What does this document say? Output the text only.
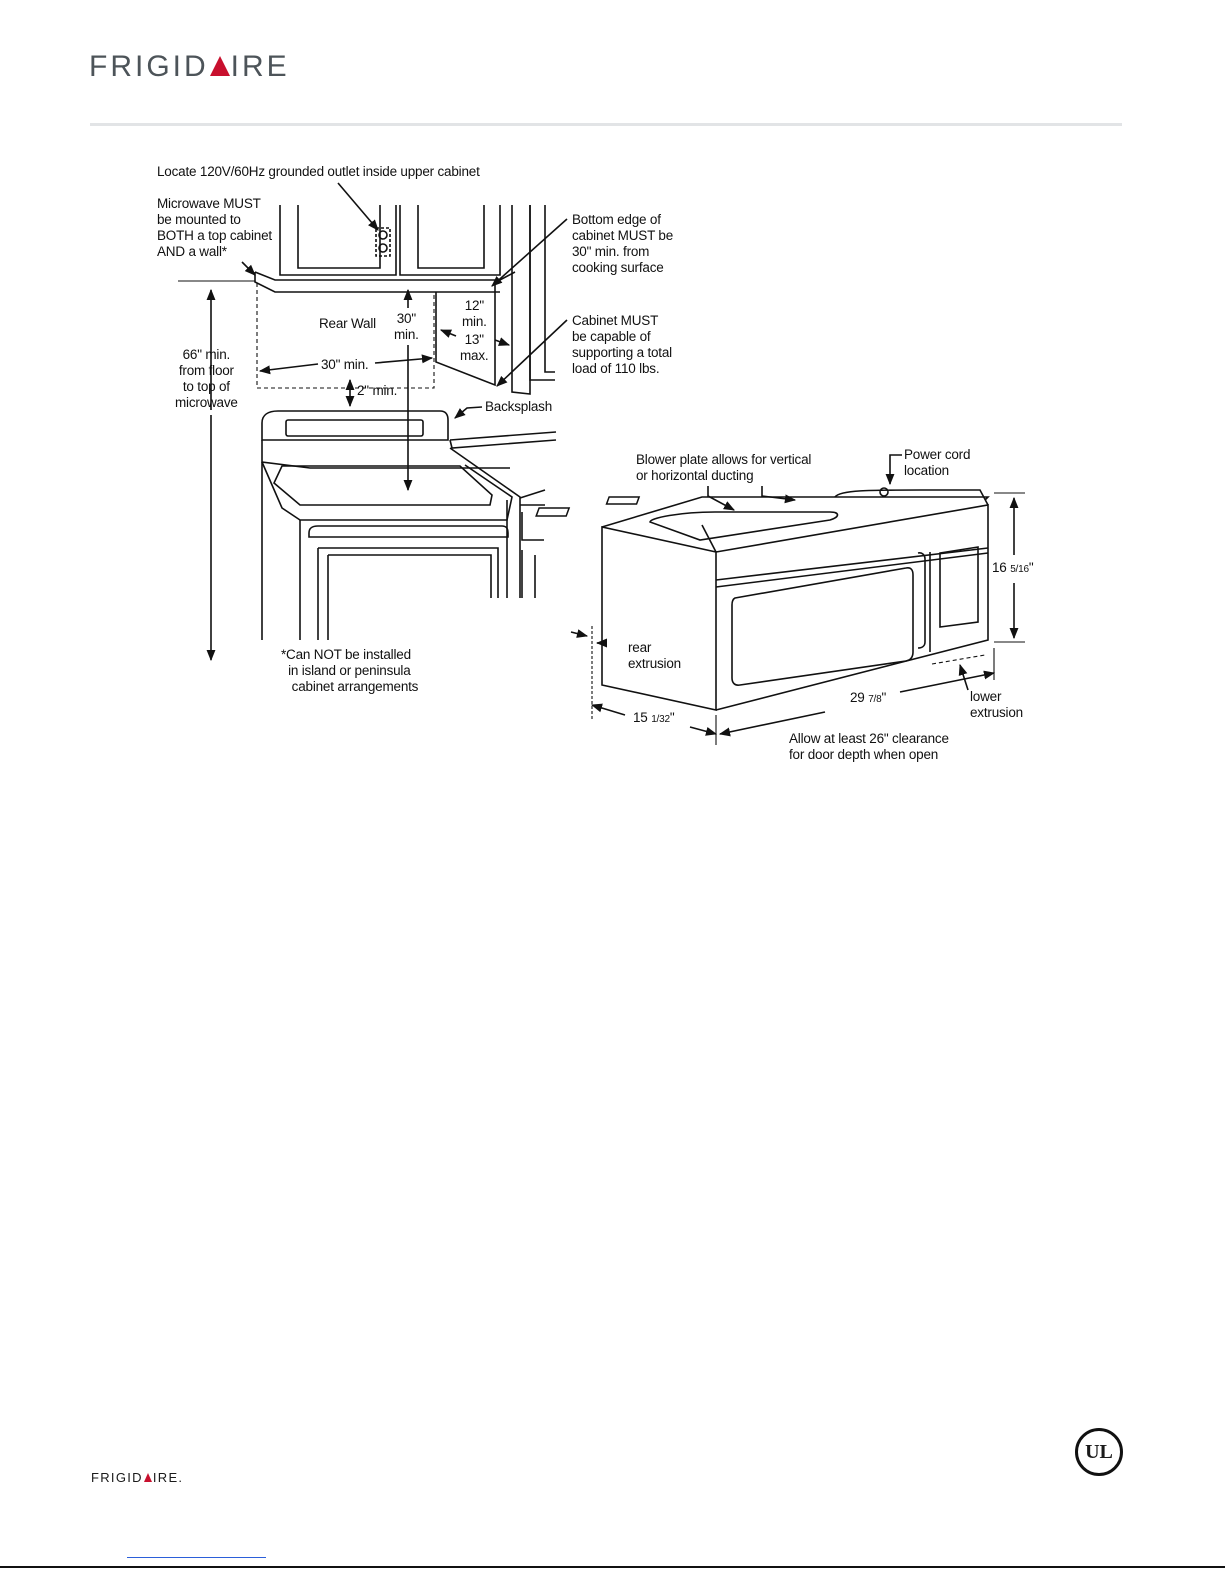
FRIGID IRE
Locate 120V/60Hz grounded outlet inside upper cabinet
Microwave MUST
be mounted to
BOTH a top cabinet
AND a wall*
Bottom edge of
cabinet MUST be
30" min. from
cooking surface
Cabinet MUST
be capable of
supporting a total
load of 110 lbs.
Rear Wall 30"
min.
12"
min.
13"
max.
66" min.
from floor
to top of
microwave
30" min.
2" min.
Backsplash
*Can NOT be installed
in island or peninsula
cabinet arrangements
Blower plate allows for vertical
or horizontal ducting
Power cord
location
16 5/16"
29 7/8"
15 1/32"
rear
extrusion
lower
extrusion
Allow at least 26" clearance
for door depth when open
FRIGID IRE.
UL
